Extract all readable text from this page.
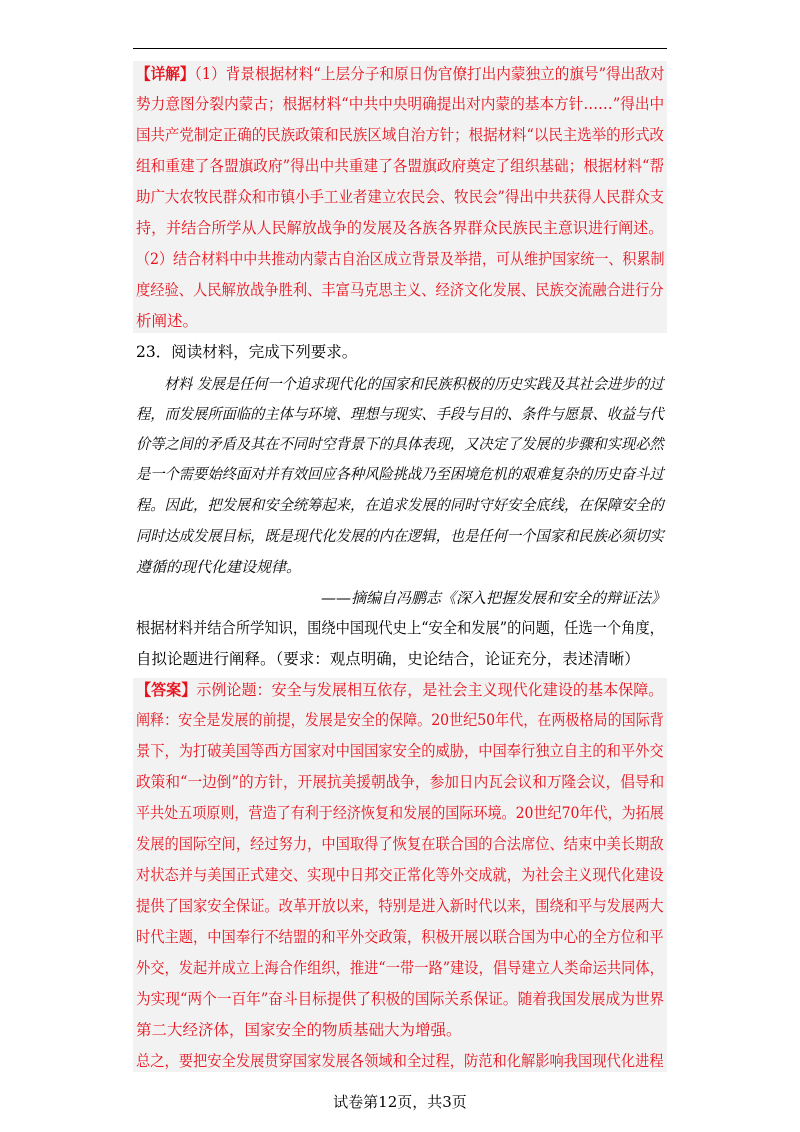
【详解】（1）背景根据材料“上层分子和原日伪官僚打出内蒙独立的旗号”得出敌对
势力意图分裂内蒙古；根据材料“中共中央明确提出对内蒙的基本方针……”得出中
国共产党制定正确的民族政策和民族区域自治方针；根据材料“以民主选举的形式改
组和重建了各盟旗政府”得出中共重建了各盟旗政府奠定了组织基础；根据材料“帮
助广大农牧民群众和市镇小手工业者建立农民会、牧民会”得出中共获得人民群众支
持，并结合所学从人民解放战争的发展及各族各界群众民族民主意识进行阐述。
（2）结合材料中中共推动内蒙古自治区成立背景及举措，可从维护国家统一、积累制
度经验、人民解放战争胜利、丰富马克思主义、经济文化发展、民族交流融合进行分
析阐述。
23．阅读材料，完成下列要求。
材料 发展是任何一个追求现代化的国家和民族积极的历史实践及其社会进步的过
程，而发展所面临的主体与环境、理想与现实、手段与目的、条件与愿景、收益与代
价等之间的矛盾及其在不同时空背景下的具体表现，又决定了发展的步骤和实现必然
是一个需要始终面对并有效回应各种风险挑战乃至困境危机的艰难复杂的历史奋斗过
程。因此，把发展和安全统筹起来，在追求发展的同时守好安全底线，在保障安全的
同时达成发展目标，既是现代化发展的内在逻辑，也是任何一个国家和民族必须切实
遵循的现代化建设规律。
——摘编自冯鹏志《深入把握发展和安全的辩证法》
根据材料并结合所学知识，围绕中国现代史上“安全和发展”的问题，任选一个角度，
自拟论题进行阐释。（要求：观点明确，史论结合，论证充分，表述清晰）
【答案】示例论题：安全与发展相互依存，是社会主义现代化建设的基本保障。
阐释：安全是发展的前提，发展是安全的保障。20世纪50年代，在两极格局的国际背
景下，为打破美国等西方国家对中国国家安全的威胁，中国奉行独立自主的和平外交
政策和“一边倒”的方针，开展抗美援朝战争，参加日内瓦会议和万隆会议，倡导和
平共处五项原则，营造了有利于经济恢复和发展的国际环境。20世纪70年代，为拓展
发展的国际空间，经过努力，中国取得了恢复在联合国的合法席位、结束中美长期敌
对状态并与美国正式建交、实现中日邦交正常化等外交成就，为社会主义现代化建设
提供了国家安全保证。改革开放以来，特别是进入新时代以来，围绕和平与发展两大
时代主题，中国奉行不结盟的和平外交政策，积极开展以联合国为中心的全方位和平
外交，发起并成立上海合作组织，推进“一带一路”建设，倡导建立人类命运共同体，
为实现“两个一百年”奋斗目标提供了积极的国际关系保证。随着我国发展成为世界
第二大经济体，国家安全的物质基础大为增强。
总之，要把安全发展贯穿国家发展各领域和全过程，防范和化解影响我国现代化进程
试卷第12页，共3页
